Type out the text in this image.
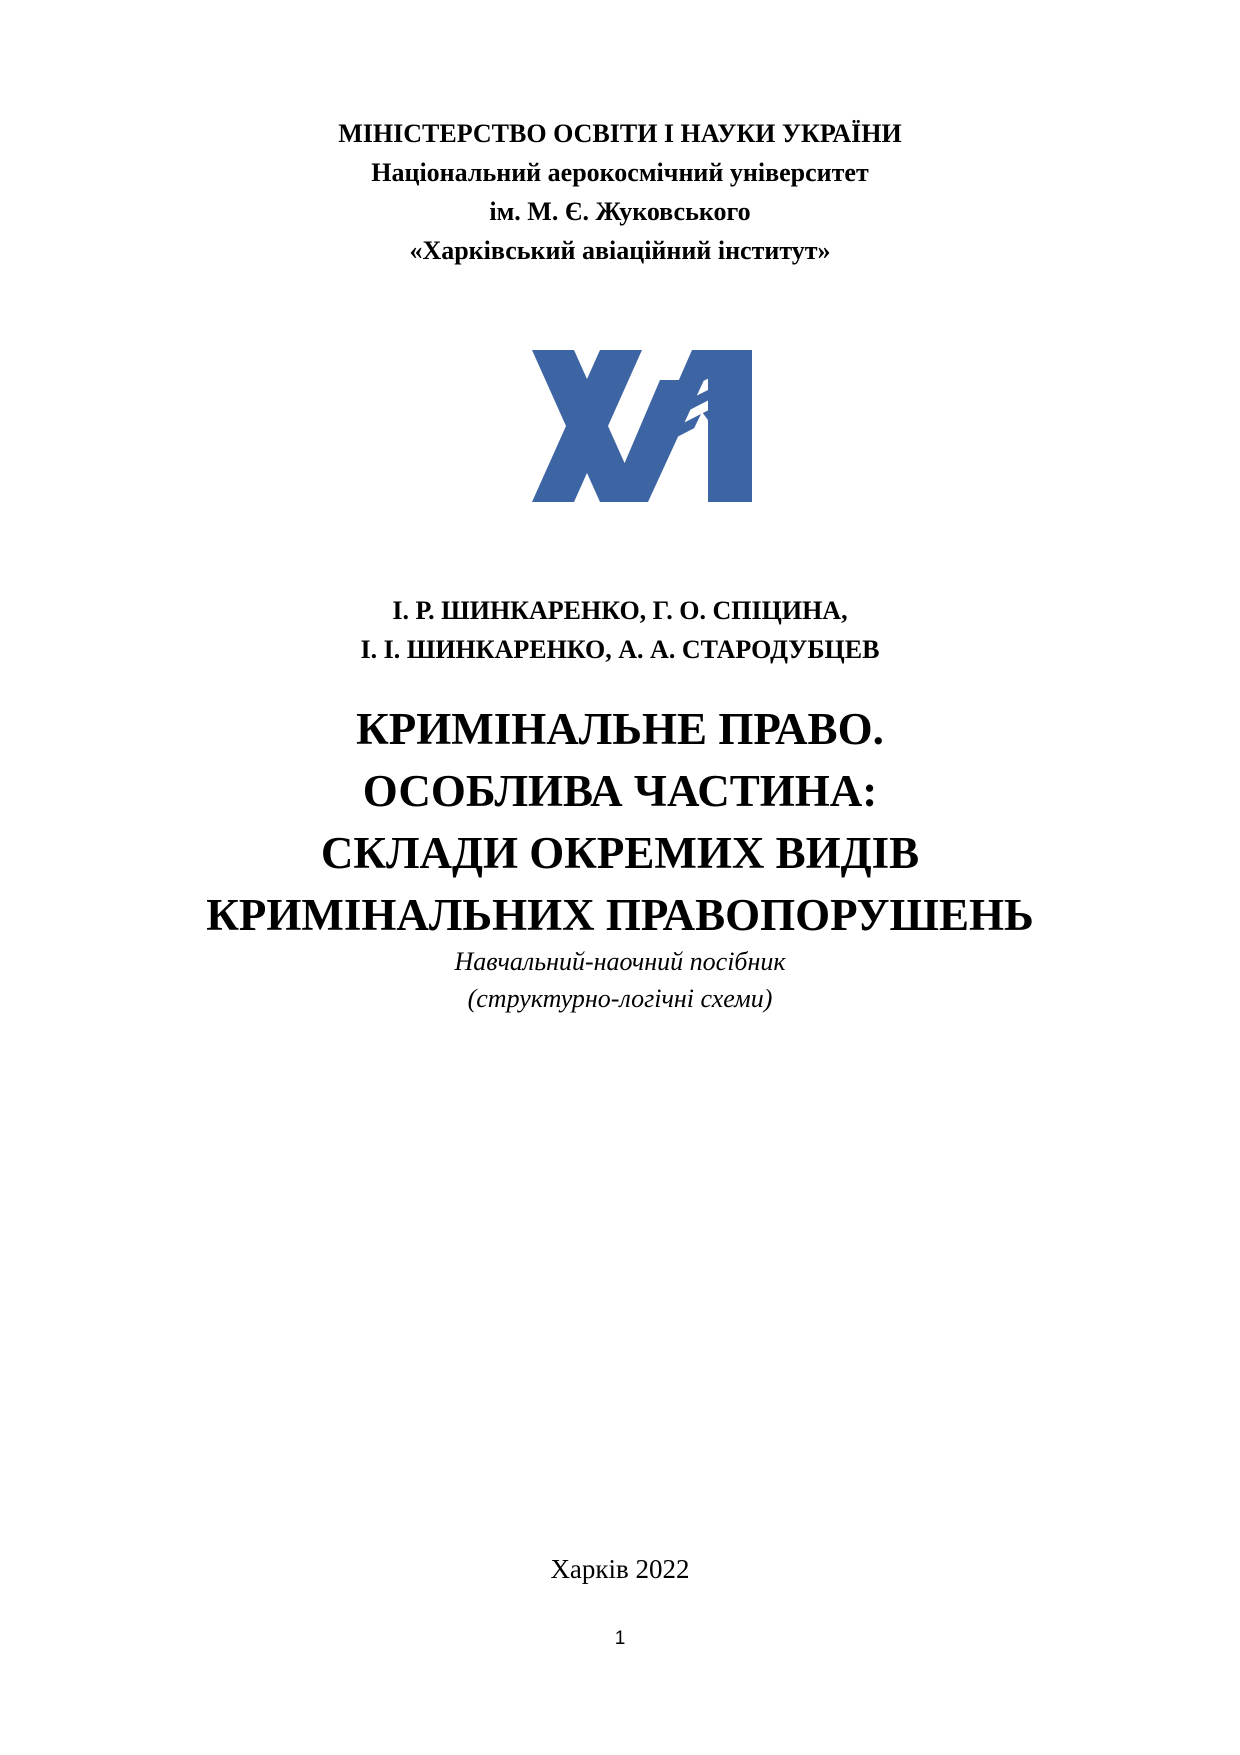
МІНІСТЕРСТВО ОСВІТИ І НАУКИ УКРАЇНИ
Національний аерокосмічний університет
ім. М. Є. Жуковського
«Харківський авіаційний інститут»
І. Р. ШИНКАРЕНКО, Г. О. СПІЦИНА,
І. І. ШИНКАРЕНКО, А. А. СТАРОДУБЦЕВ
КРИМІНАЛЬНЕ ПРАВО.
ОСОБЛИВА ЧАСТИНА:
СКЛАДИ ОКРЕМИХ ВИДІВ
КРИМІНАЛЬНИХ ПРАВОПОРУШЕНЬ
Навчальний-наочний посібник
(структурно-логічні схеми)
Харків 2022
1
